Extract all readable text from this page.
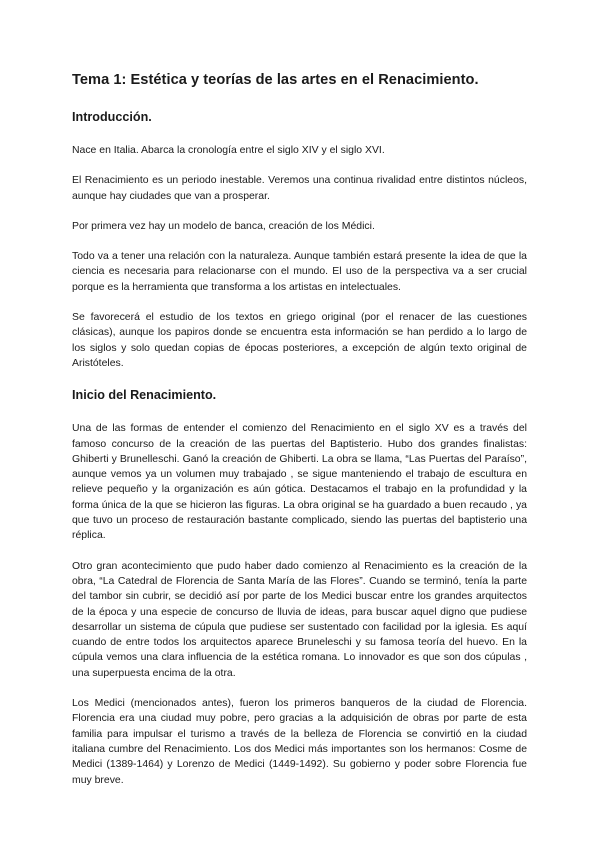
Tema 1: Estética y teorías de las artes en el Renacimiento.
Introducción.

Nace en Italia. Abarca la cronología entre el siglo XIV y el siglo XVI.

El Renacimiento es un periodo inestable. Veremos una continua rivalidad entre distintos núcleos, aunque hay ciudades que van a prosperar.

Por primera vez hay un modelo de banca, creación de los Médici.

Todo va a tener una relación con la naturaleza. Aunque también estará presente la idea de que la ciencia es necesaria para relacionarse con el mundo. El uso de la perspectiva va a ser crucial porque es la herramienta que transforma a los artistas en intelectuales.

Se favorecerá el estudio de los textos en griego original (por el renacer de las cuestiones clásicas), aunque los papiros donde se encuentra esta información se han perdido a lo largo de los siglos y solo quedan copias de épocas posteriores, a excepción de algún texto original de Aristóteles.

Inicio del Renacimiento.

Una de las formas de entender el comienzo del Renacimiento en el siglo XV es a través del famoso concurso de la creación de las puertas del Baptisterio. Hubo dos grandes finalistas: Ghiberti y Brunelleschi. Ganó la creación de Ghiberti. La obra se llama, “Las Puertas del Paraíso”, aunque vemos ya un volumen muy trabajado , se sigue manteniendo el trabajo de escultura en relieve pequeño y la organización es aún gótica. Destacamos el trabajo en la profundidad y la forma única de la que se hicieron las figuras. La obra original se ha guardado a buen recaudo , ya que tuvo un proceso de restauración bastante complicado, siendo las puertas del baptisterio una réplica.

Otro gran acontecimiento que pudo haber dado comienzo al Renacimiento es la creación de la obra, “La Catedral de Florencia de Santa María de las Flores”. Cuando se terminó, tenía la parte del tambor sin cubrir, se decidió así por parte de los Medici buscar entre los grandes arquitectos de la época y una especie de concurso de lluvia de ideas, para buscar aquel digno que pudiese desarrollar un sistema de cúpula que pudiese ser sustentado con facilidad por la iglesia. Es aquí cuando de entre todos los arquitectos aparece Bruneleschi y su famosa teoría del huevo. En la cúpula vemos una clara influencia de la estética romana. Lo innovador es que son dos cúpulas , una superpuesta encima de la otra.

Los Medici (mencionados antes), fueron los primeros banqueros de la ciudad de Florencia. Florencia era una ciudad muy pobre, pero gracias a la adquisición de obras por parte de esta familia para impulsar el turismo a través de la belleza de Florencia se convirtió en la ciudad italiana cumbre del Renacimiento. Los dos Medici más importantes son los hermanos: Cosme de Medici (1389-1464) y Lorenzo de Medici (1449-1492). Su gobierno y poder sobre Florencia fue muy breve.
